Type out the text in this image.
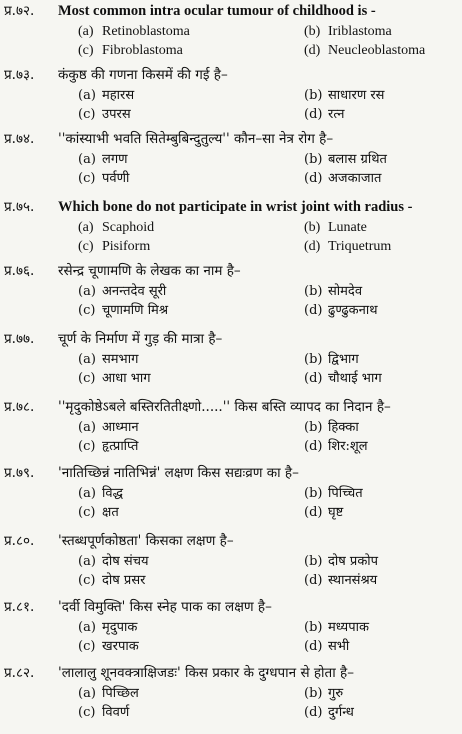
प्र.७२. Most common intra ocular tumour of childhood is -
(a) Retinoblastoma	(b) Iriblastoma
(c) Fibroblastoma	(d) Neucleoblastoma
प्र.७३. कंकुष्ठ की गणना किसमें की गई है–
(a) महारस	(b) साधारण रस
(c) उपरस	(d) रत्न
प्र.७४. ''कांस्याभी भवति सितेम्बुबिन्दुतुल्य'' कौन–सा नेत्र रोग है–
(a) लगण	(b) बलास ग्रथित
(c) पर्वणी	(d) अजकाजात
प्र.७५. Which bone do not participate in wrist joint with radius -
(a) Scaphoid	(b) Lunate
(c) Pisiform	(d) Triquetrum
प्र.७६. रसेन्द्र चूणामणि के लेखक का नाम है–
(a) अनन्तदेव सूरी	(b) सोमदेव
(c) चूणामणि मिश्र	(d) ढुण्ढुकनाथ
प्र.७७. चूर्ण के निर्माण में गुड़ की मात्रा है–
(a) समभाग	(b) द्विभाग
(c) आधा भाग	(d) चौथाई भाग
प्र.७८. ''मृदुकोष्ठेऽबले बस्तिरतितीक्ष्णो.....'' किस बस्ति व्यापद का निदान है–
(a) आध्मान	(b) हिक्का
(c) हृत्प्राप्ति	(d) शिर:शूल
प्र.७९. 'नातिच्छिन्नं नातिभिन्नं' लक्षण किस सद्यःव्रण का है–
(a) विद्ध	(b) पिच्चित
(c) क्षत	(d) घृष्ट
प्र.८०. 'स्तब्धपूर्णकोष्ठता' किसका लक्षण है–
(a) दोष संचय	(b) दोष प्रकोप
(c) दोष प्रसर	(d) स्थानसंश्रय
प्र.८१. 'दर्वी विमुक्ति' किस स्नेह पाक का लक्षण है–
(a) मृदुपाक	(b) मध्यपाक
(c) खरपाक	(d) सभी
प्र.८२. 'लालालु शूनवक्त्राक्षिजडः' किस प्रकार के दुग्धपान से होता है–
(a) पिच्छिल	(b) गुरु
(c) विवर्ण	(d) दुर्गन्ध
